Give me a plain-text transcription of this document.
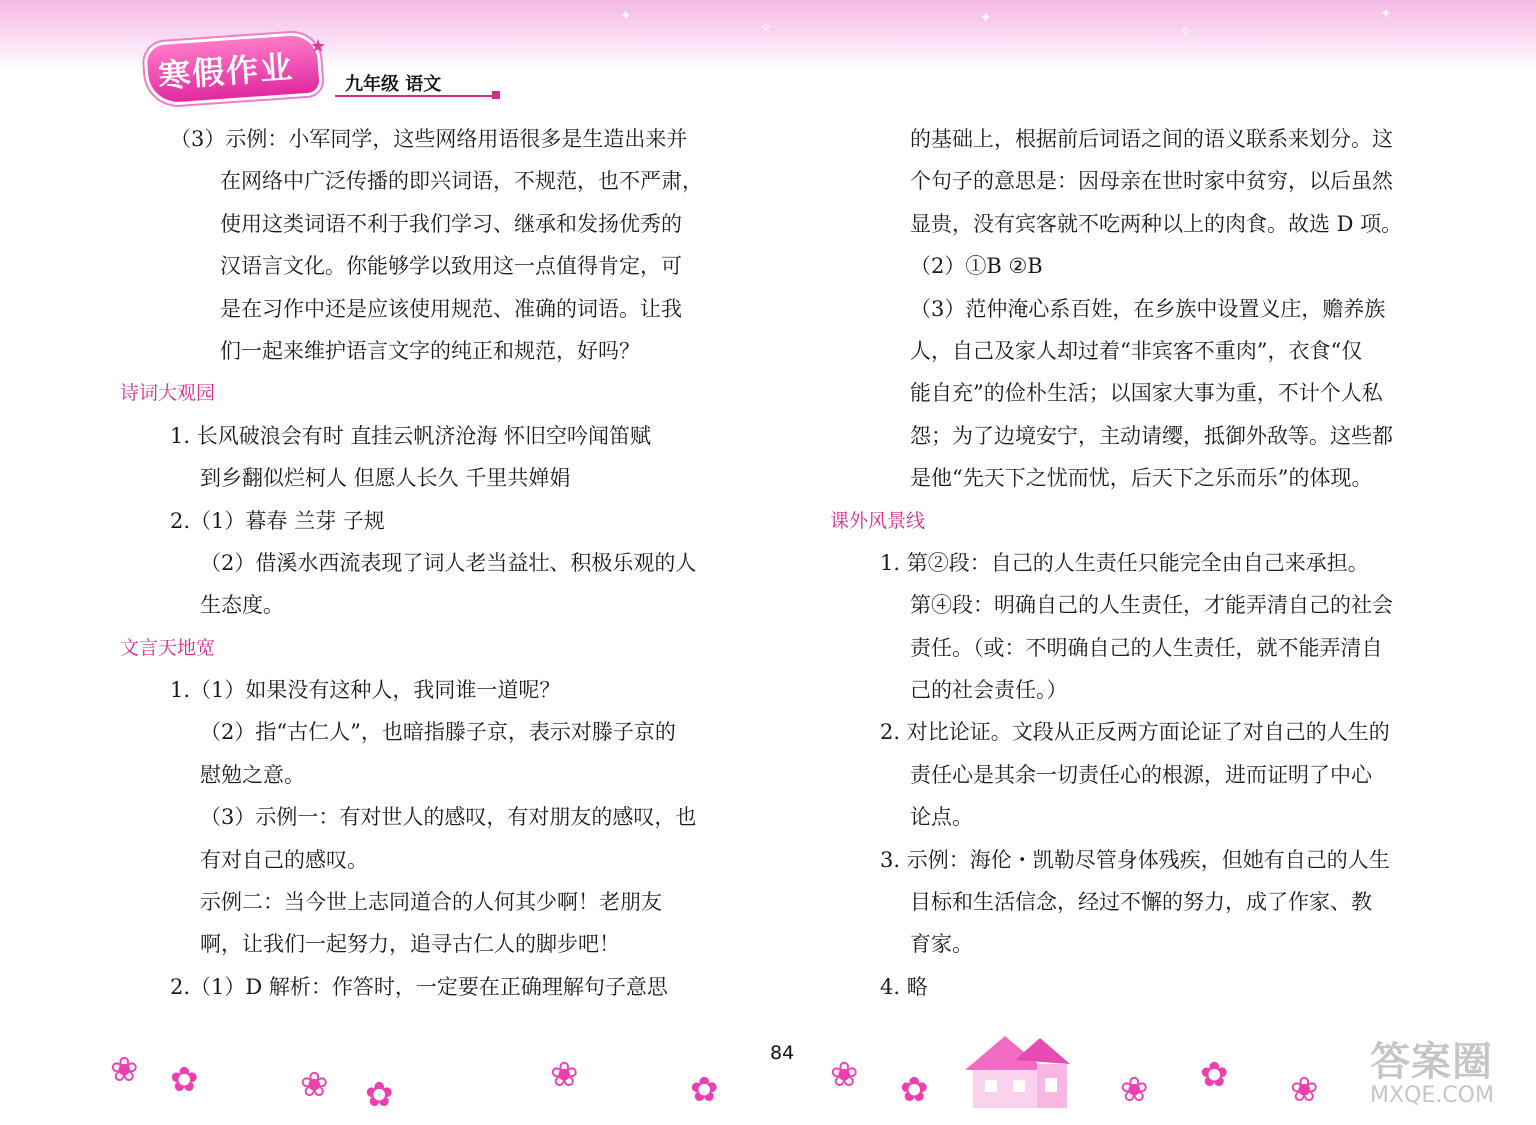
✦
✧
✦
✧
✦
寒假作业
★
九年级 语文
（3）示例：小军同学，这些网络用语很多是生造出来并
在网络中广泛传播的即兴词语，不规范，也不严肃，
使用这类词语不利于我们学习、继承和发扬优秀的
汉语言文化。你能够学以致用这一点值得肯定，可
是在习作中还是应该使用规范、准确的词语。让我
们一起来维护语言文字的纯正和规范，好吗？
诗词大观园
1. 长风破浪会有时 直挂云帆济沧海 怀旧空吟闻笛赋
到乡翻似烂柯人 但愿人长久 千里共婵娟
2.（1）暮春 兰芽 子规
（2）借溪水西流表现了词人老当益壮、积极乐观的人
生态度。
文言天地宽
1.（1）如果没有这种人，我同谁一道呢？
（2）指“古仁人”，也暗指滕子京，表示对滕子京的
慰勉之意。
（3）示例一：有对世人的感叹，有对朋友的感叹，也
有对自己的感叹。
示例二：当今世上志同道合的人何其少啊！老朋友
啊，让我们一起努力，追寻古仁人的脚步吧！
2.（1）D 解析：作答时，一定要在正确理解句子意思
的基础上，根据前后词语之间的语义联系来划分。这
个句子的意思是：因母亲在世时家中贫穷，以后虽然
显贵，没有宾客就不吃两种以上的肉食。故选 D 项。
（2）①B ②B
（3）范仲淹心系百姓，在乡族中设置义庄，赡养族
人，自己及家人却过着“非宾客不重肉”，衣食“仅
能自充”的俭朴生活；以国家大事为重，不计个人私
怨；为了边境安宁，主动请缨，抵御外敌等。这些都
是他“先天下之忧而忧，后天下之乐而乐”的体现。
课外风景线
1. 第②段：自己的人生责任只能完全由自己来承担。
第④段：明确自己的人生责任，才能弄清自己的社会
责任。（或：不明确自己的人生责任，就不能弄清自
己的社会责任。）
2. 对比论证。文段从正反两方面论证了对自己的人生的
责任心是其余一切责任心的根源，进而证明了中心
论点。
3. 示例：海伦・凯勒尽管身体残疾，但她有自己的人生
目标和生活信念，经过不懈的努力，成了作家、教
育家。
4. 略
84
❀ ✿	❀ ✿	❀	✿	❀ ✿	❀ ✿ ❀
答案圈
MXQE.COM
